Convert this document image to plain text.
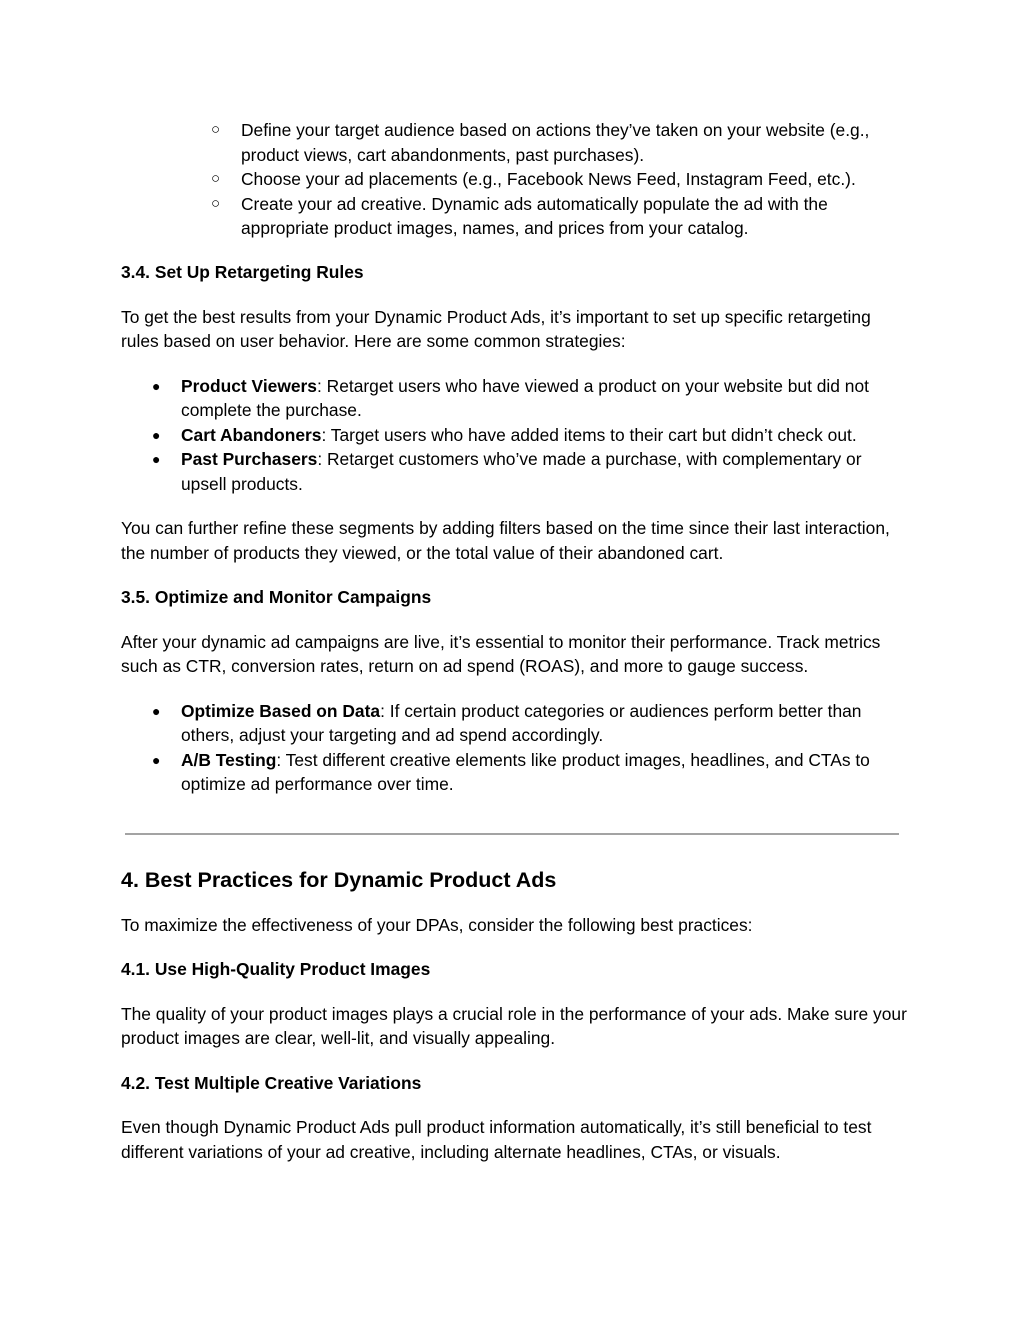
○ Define your target audience based on actions they’ve taken on your website (e.g., product views, cart abandonments, past purchases).
○ Choose your ad placements (e.g., Facebook News Feed, Instagram Feed, etc.).
○ Create your ad creative. Dynamic ads automatically populate the ad with the appropriate product images, names, and prices from your catalog.

3.4. Set Up Retargeting Rules

To get the best results from your Dynamic Product Ads, it’s important to set up specific retargeting rules based on user behavior. Here are some common strategies:

● Product Viewers: Retarget users who have viewed a product on your website but did not complete the purchase.
● Cart Abandoners: Target users who have added items to their cart but didn’t check out.
● Past Purchasers: Retarget customers who’ve made a purchase, with complementary or upsell products.

You can further refine these segments by adding filters based on the time since their last interaction, the number of products they viewed, or the total value of their abandoned cart.

3.5. Optimize and Monitor Campaigns

After your dynamic ad campaigns are live, it’s essential to monitor their performance. Track metrics such as CTR, conversion rates, return on ad spend (ROAS), and more to gauge success.

● Optimize Based on Data: If certain product categories or audiences perform better than others, adjust your targeting and ad spend accordingly.
● A/B Testing: Test different creative elements like product images, headlines, and CTAs to optimize ad performance over time.

4. Best Practices for Dynamic Product Ads

To maximize the effectiveness of your DPAs, consider the following best practices:

4.1. Use High-Quality Product Images

The quality of your product images plays a crucial role in the performance of your ads. Make sure your product images are clear, well-lit, and visually appealing.

4.2. Test Multiple Creative Variations

Even though Dynamic Product Ads pull product information automatically, it’s still beneficial to test different variations of your ad creative, including alternate headlines, CTAs, or visuals.
